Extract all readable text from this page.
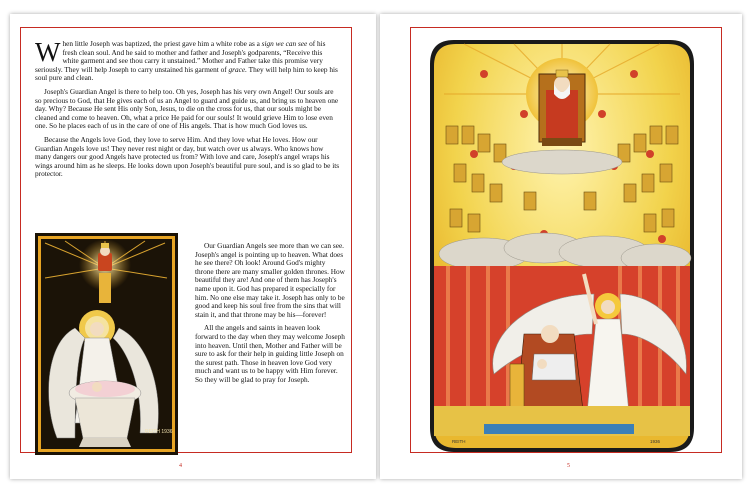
When little Joseph was baptized, the priest gave him a white robe as a sign we can see of his fresh clean soul. And he said to mother and father and Joseph's godparents, “Receive this white garment and see thou carry it unstained.” Mother and Father take this promise very seriously. They will help Joseph to carry unstained his garment of grace. They will help him to keep his soul pure and clean.

Joseph's Guardian Angel is there to help too. Oh yes, Joseph has his very own Angel! Our souls are so precious to God, that He gives each of us an Angel to guard and guide us, and bring us to heaven one day. Why? Because He sent His only Son, Jesus, to die on the cross for us, that our souls might be cleaned and come to heaven. Oh, what a price He paid for our souls! It would grieve Him to lose even one. So he places each of us in the care of one of His angels. That is how much God loves us.

Because the Angels love God, they love to serve Him. And they love what He loves. How our Guardian Angels love us! They never rest night or day, but watch over us always. Who knows how many dangers our good Angels have protected us from? With love and care, Joseph's angel wraps his wings around him as he sleeps. He looks down upon Joseph's beautiful pure soul, and is so glad to be its protector.

REITH 1936

Our Guardian Angels see more than we can see. Joseph's angel is pointing up to heaven. What does he see there? Oh look! Around God's mighty throne there are many smaller golden thrones. How beautiful they are! And one of them has Joseph's name upon it. God has prepared it especially for him. No one else may take it. Joseph has only to be good and keep his soul free from the sins that will stain it, and that throne may be his—forever!

All the angels and saints in heaven look forward to the day when they may welcome Joseph into heaven. Until then, Mother and Father will be sure to ask for their help in guiding little Joseph on the surest path. Those in heaven love God very much and want us to be happy with Him forever. So they will be glad to pray for Joseph.

4
REITH	1936
5
